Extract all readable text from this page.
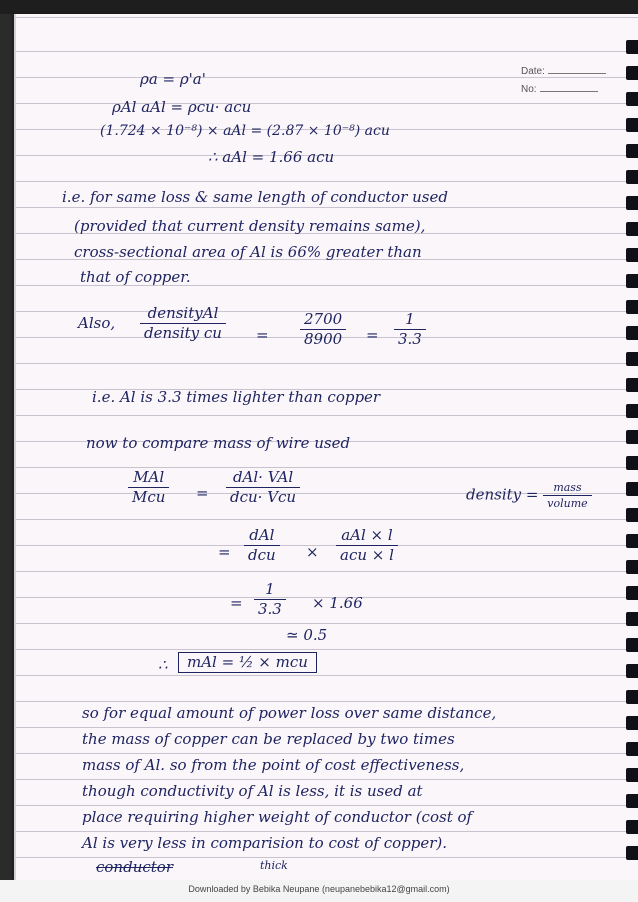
Date:
No:
ρa = ρ'a'
ρAl aAl = ρcu· acu
(1.724 × 10⁻⁸) × aAl = (2.87 × 10⁻⁸) acu
∴ aAl = 1.66 acu
i.e. for same loss & same length of conductor used
(provided that current density remains same),
cross-sectional area of Al is 66% greater than
that of copper.
Also, $\frac{\text{densityAl}}{\text{density cu}} = \frac{2700}{8900} = \frac{1}{3.3}$
i.e. Al is 3.3 times lighter than copper
now to compare mass of wire used
$\frac{\text{MAl}}{\text{Mcu}} = \frac{\text{dAl· VAl}}{\text{dcu· Vcu}}$	density = $\frac{\text{mass}}{\text{volume}}$
= $\frac{\text{dAl}}{\text{dcu}} \times \frac{\text{aAl × l}}{\text{acu × l}}$
= $\frac{1}{3.3} \times 1.66$
≃ 0.5
∴	mAl = ½ × mcu
so for equal amount of power loss over same distance,
the mass of copper can be replaced by two times
mass of Al. so from the point of cost effectiveness,
though conductivity of Al is less, it is used at
place requiring higher weight of conductor (cost of
Al is very less in comparision to cost of copper).
conductor	thick
Downloaded by Bebika Neupane (neupanebebika12@gmail.com)
